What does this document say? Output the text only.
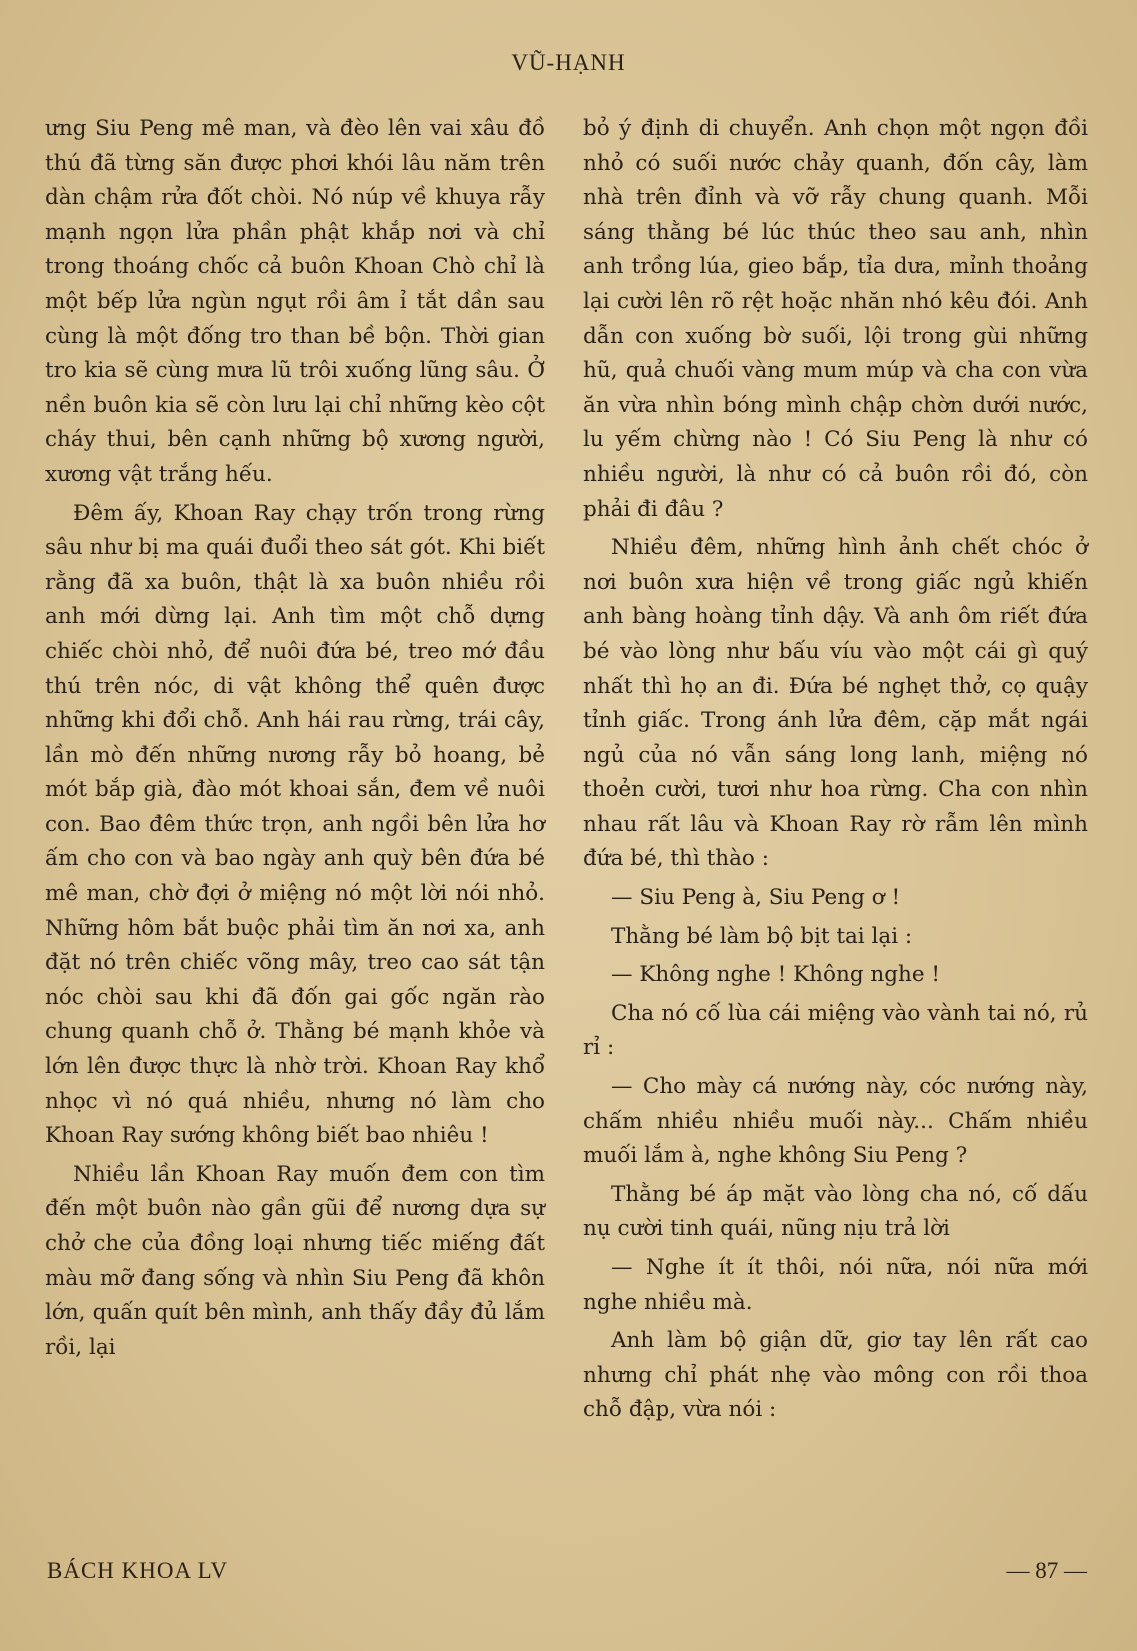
VŨ-HẠNH

ưng Siu Peng mê man, và đèo lên vai xâu đồ thú đã từng săn được phơi khói lâu năm trên dàn chậm rửa đốt chòi. Nó núp về khuya rẫy mạnh ngọn lửa phần phật khắp nơi và chỉ trong thoáng chốc cả buôn Khoan Chò chỉ là một bếp lửa ngùn ngụt rồi âm ỉ tắt dần sau cùng là một đống tro than bề bộn. Thời gian tro kia sẽ cùng mưa lũ trôi xuống lũng sâu. Ở nền buôn kia sẽ còn lưu lại chỉ những kèo cột cháy thui, bên cạnh những bộ xương người, xương vật trắng hếu.

Đêm ấy, Khoan Ray chạy trốn trong rừng sâu như bị ma quái đuổi theo sát gót. Khi biết rằng đã xa buôn, thật là xa buôn nhiều rồi anh mới dừng lại. Anh tìm một chỗ dựng chiếc chòi nhỏ, để nuôi đứa bé, treo mớ đầu thú trên nóc, di vật không thể quên được những khi đổi chỗ. Anh hái rau rừng, trái cây, lần mò đến những nương rẫy bỏ hoang, bẻ mót bắp già, đào mót khoai sắn, đem về nuôi con. Bao đêm thức trọn, anh ngồi bên lửa hơ ấm cho con và bao ngày anh quỳ bên đứa bé mê man, chờ đợi ở miệng nó một lời nói nhỏ. Những hôm bắt buộc phải tìm ăn nơi xa, anh đặt nó trên chiếc võng mây, treo cao sát tận nóc chòi sau khi đã đốn gai gốc ngăn rào chung quanh chỗ ở. Thằng bé mạnh khỏe và lớn lên được thực là nhờ trời. Khoan Ray khổ nhọc vì nó quá nhiều, nhưng nó làm cho Khoan Ray sướng không biết bao nhiêu !

Nhiều lần Khoan Ray muốn đem con tìm đến một buôn nào gần gũi để nương dựa sự chở che của đồng loại nhưng tiếc miếng đất màu mỡ đang sống và nhìn Siu Peng đã khôn lớn, quấn quít bên mình, anh thấy đầy đủ lắm rồi, lại

bỏ ý định di chuyển. Anh chọn một ngọn đồi nhỏ có suối nước chảy quanh, đốn cây, làm nhà trên đỉnh và vỡ rẫy chung quanh. Mỗi sáng thằng bé lúc thúc theo sau anh, nhìn anh trồng lúa, gieo bắp, tỉa dưa, mỉnh thoảng lại cười lên rõ rệt hoặc nhăn nhó kêu đói. Anh dẫn con xuống bờ suối, lội trong gùi những hũ, quả chuối vàng mum múp và cha con vừa ăn vừa nhìn bóng mình chập chờn dưới nước, lu yếm chừng nào ! Có Siu Peng là như có nhiều người, là như có cả buôn rồi đó, còn phải đi đâu ?

Nhiều đêm, những hình ảnh chết chóc ở nơi buôn xưa hiện về trong giấc ngủ khiến anh bàng hoàng tỉnh dậy. Và anh ôm riết đứa bé vào lòng như bấu víu vào một cái gì quý nhất thì họ an đi. Đứa bé nghẹt thở, cọ quậy tỉnh giấc. Trong ánh lửa đêm, cặp mắt ngái ngủ của nó vẫn sáng long lanh, miệng nó thoẻn cười, tươi như hoa rừng. Cha con nhìn nhau rất lâu và Khoan Ray rờ rẫm lên mình đứa bé, thì thào :

— Siu Peng à, Siu Peng ơ !

Thằng bé làm bộ bịt tai lại :

— Không nghe ! Không nghe !

Cha nó cố lùa cái miệng vào vành tai nó, rủ rỉ :

— Cho mày cá nướng này, cóc nướng này, chấm nhiều nhiều muối này... Chấm nhiều muối lắm à, nghe không Siu Peng ?

Thằng bé áp mặt vào lòng cha nó, cố dấu nụ cười tinh quái, nũng nịu trả lời

— Nghe ít ít thôi, nói nữa, nói nữa mới nghe nhiều mà.

Anh làm bộ giận dữ, giơ tay lên rất cao nhưng chỉ phát nhẹ vào mông con rồi thoa chỗ đập, vừa nói :

BÁCH KHOA LV	— 87 —
